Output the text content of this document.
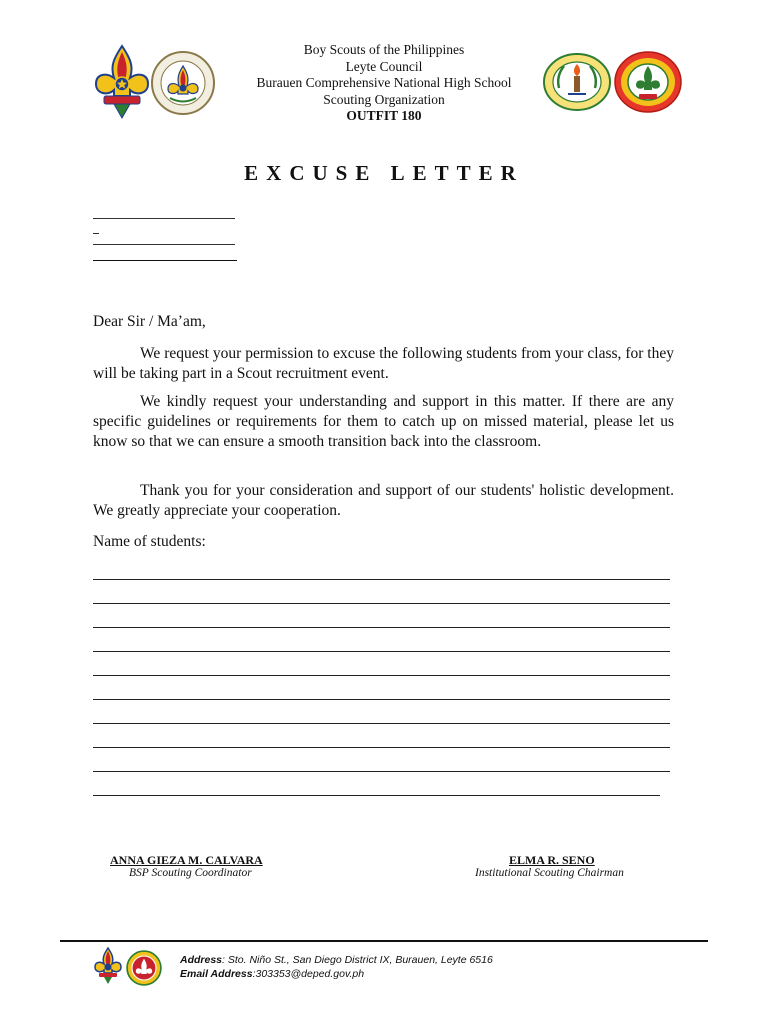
Boy Scouts of the Philippines
Leyte Council
Burauen Comprehensive National High School
Scouting Organization
OUTFIT 180
EXCUSE LETTER
Dear Sir / Ma’am,
We request your permission to excuse the following students from your class, for they will be taking part in a Scout recruitment event.
We kindly request your understanding and support in this matter. If there are any specific guidelines or requirements for them to catch up on missed material, please let us know so that we can ensure a smooth transition back into the classroom.
Thank you for your consideration and support of our students' holistic development. We greatly appreciate your cooperation.
Name of students:
ANNA GIEZA M. CALVARA
BSP Scouting Coordinator
ELMA R. SENO
Institutional Scouting Chairman
Address: Sto. Niño St., San Diego District IX, Burauen, Leyte 6516
Email Address:303353@deped.gov.ph
